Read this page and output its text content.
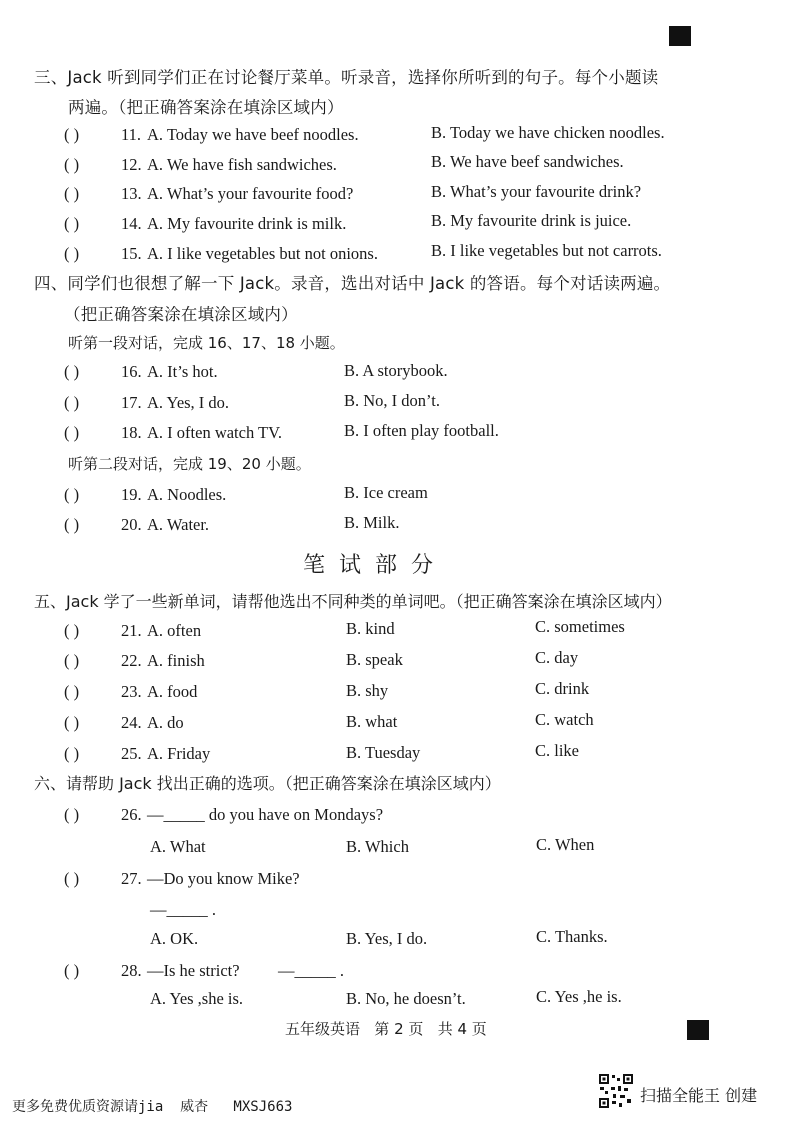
三、Jack 听到同学们正在讨论餐厅菜单。听录音，选择你所听到的句子。每个小题读
两遍。（把正确答案涂在填涂区域内）
( )	11. A. Today we have beef noodles.	B. Today we have chicken noodles.
( )	12. A. We have fish sandwiches.	B. We have beef sandwiches.
( )	13. A. What’s your favourite food?	B. What’s your favourite drink?
( )	14. A. My favourite drink is milk.	B. My favourite drink is juice.
( )	15. A. I like vegetables but not onions.	B. I like vegetables but not carrots.
四、同学们也很想了解一下 Jack。录音，选出对话中 Jack 的答语。每个对话读两遍。
（把正确答案涂在填涂区域内）
听第一段对话，完成 16、17、18 小题。
( )	16. A. It’s hot.	B. A storybook.
( )	17. A. Yes, I do.	B. No, I don’t.
( )	18. A. I often watch TV.	B. I often play football.
听第二段对话，完成 19、20 小题。
( )	19. A. Noodles.	B. Ice cream
( )	20. A. Water.	B. Milk.
笔试部分
五、Jack 学了一些新单词，请帮他选出不同种类的单词吧。（把正确答案涂在填涂区域内）
( )	21. A. often	B. kind	C. sometimes
( )	22. A. finish	B. speak	C. day
( )	23. A. food	B. shy	C. drink
( )	24. A. do	B. what	C. watch
( )	25. A. Friday	B. Tuesday	C. like
六、请帮助 Jack 找出正确的选项。（把正确答案涂在填涂区域内）
( )	26. —_____ do you have on Mondays?
A. What	B. Which	C. When
( )	27. —Do you know Mike?
—_____ .
A. OK.	B. Yes, I do.	C. Thanks.
( )	28. —Is he strict? —_____ .
A. Yes ,she is.	B. No, he doesn’t.	C. Yes ,he is.
五年级英语   第 2 页   共 4 页
更多免费优质资源请jia  威杏   MXSJ663
扫描全能王 创建
